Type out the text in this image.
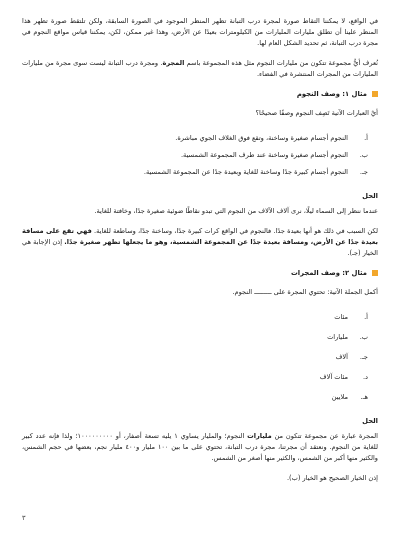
في الواقع، لا يمكننا التقاط صورة لمجرة درب التبانة تظهر المنظر الموجود في الصورة السابقة، ولكن تلتقط صورة تظهر هذا المنظر علينا أن تطلق مليارات المليارات من الكيلومترات بعيدًا عن الأرض، وهذا غير ممكن، لكن، يمكننا قياس مواقع النجوم في مجرة درب التبانة، ثم تحديد الشكل العام لها.

نُعرف أيُّ مجموعة تتكون من مليارات النجوم مثل هذه المجموعة باسم المجرة. ومجرة درب التبانة ليست سوى مجرة من مليارات المليارات من المجرات المنتشرة في الفضاء.

مثال ١: وصف النجوم

أيٌ العبارات الآتية تَصِف النجوم وصفًا صحيحًا؟

أ.
النجوم أجسام صغيرة وساخنة، وتقع فوق الغلاف الجوي مباشرة.
ب.
النجوم أجسام صغيرة وساخنة عند طرف المجموعة الشمسية.
جـ.
النجوم أجسام كبيرة جدًا وساخنة للغاية وبعيدة جدًا عن المجموعة الشمسية.
الحل

عندما ننظر إلى السماء ليلًا، نرى آلاف الآلاف من النجوم التي تبدو نقاطًا ضوئية صغيرة جدًا، وخافتة للغاية.

لكن السبب في ذلك هو أنها بعيدة جدًا. فالنجوم في الواقع كرات كبيرة جدًا، وساخنة جدًا، وساطعة للغاية. فهي تقع على مسافة بعيدة جدًا عن الأرض، ومسافة بعيدة جدًا عن المجموعة الشمسية، وهو ما يجعلها تظهر صغيرة جدًا. إذن الإجابة هي الخيار (جـ).

مثال ٢: وصف المجرات

أكمل الجملة الآتية: تحتوي المجرة على ـــــــــ النجوم.

أ.
مئات
ب.
مليارات
جـ.
آلاف
د.
مئات آلاف
هـ.
ملايين
الحل

المجرة عبارة عن مجموعة تتكون من مليارات النجوم؛ والمليار يساوي ١ يليه تسعة أصفار، أو ١٠٠٠٠٠٠٠٠٠؛ ولذا فإنه عدد كبير للغاية من النجوم. ونعتقد أن مجرتنا، مجرة درب التبانة، تحتوي على ما بين ١٠٠ مليار و٤٠٠ مليار نجم، بعضها في حجم الشمس، والكثير منها أكبر من الشمس، والكثير منها أصغر من الشمس.

إذن الخيار الصحيح هو الخيار (ب).

٣
